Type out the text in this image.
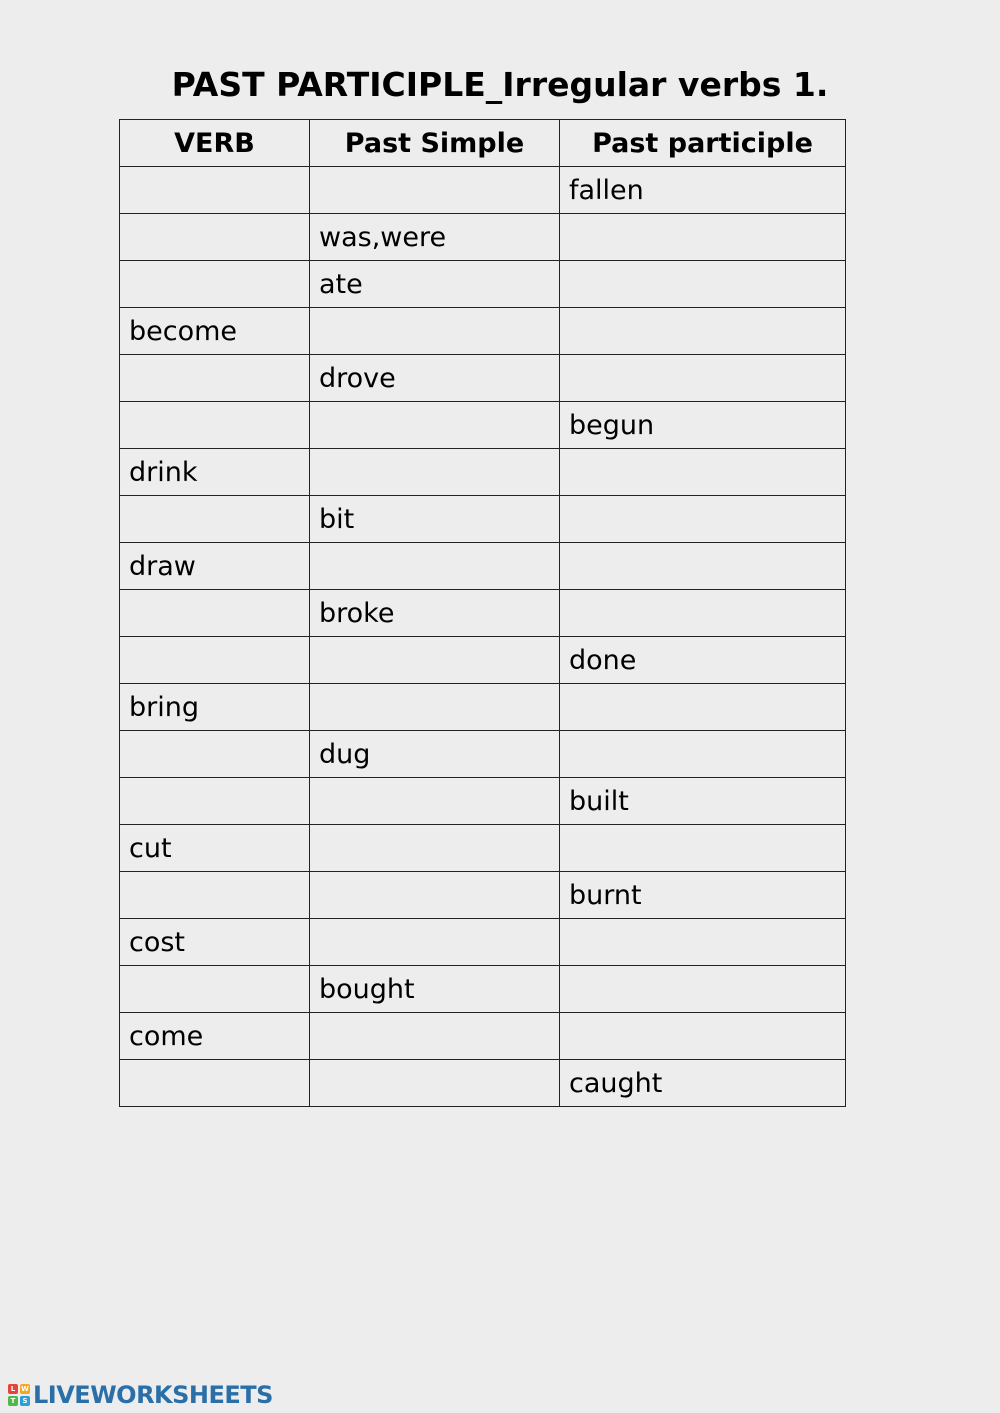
PAST PARTICIPLE_Irregular verbs 1.
VERB	Past Simple	Past participle
		fallen
	was,were	
	ate	
become		
	drove	
		begun
drink		
	bit	
draw		
	broke	
		done
bring		
	dug	
		built
cut		
		burnt
cost		
	bought	
come		
		caught
L W
T	S LIVEWORKSHEETS
